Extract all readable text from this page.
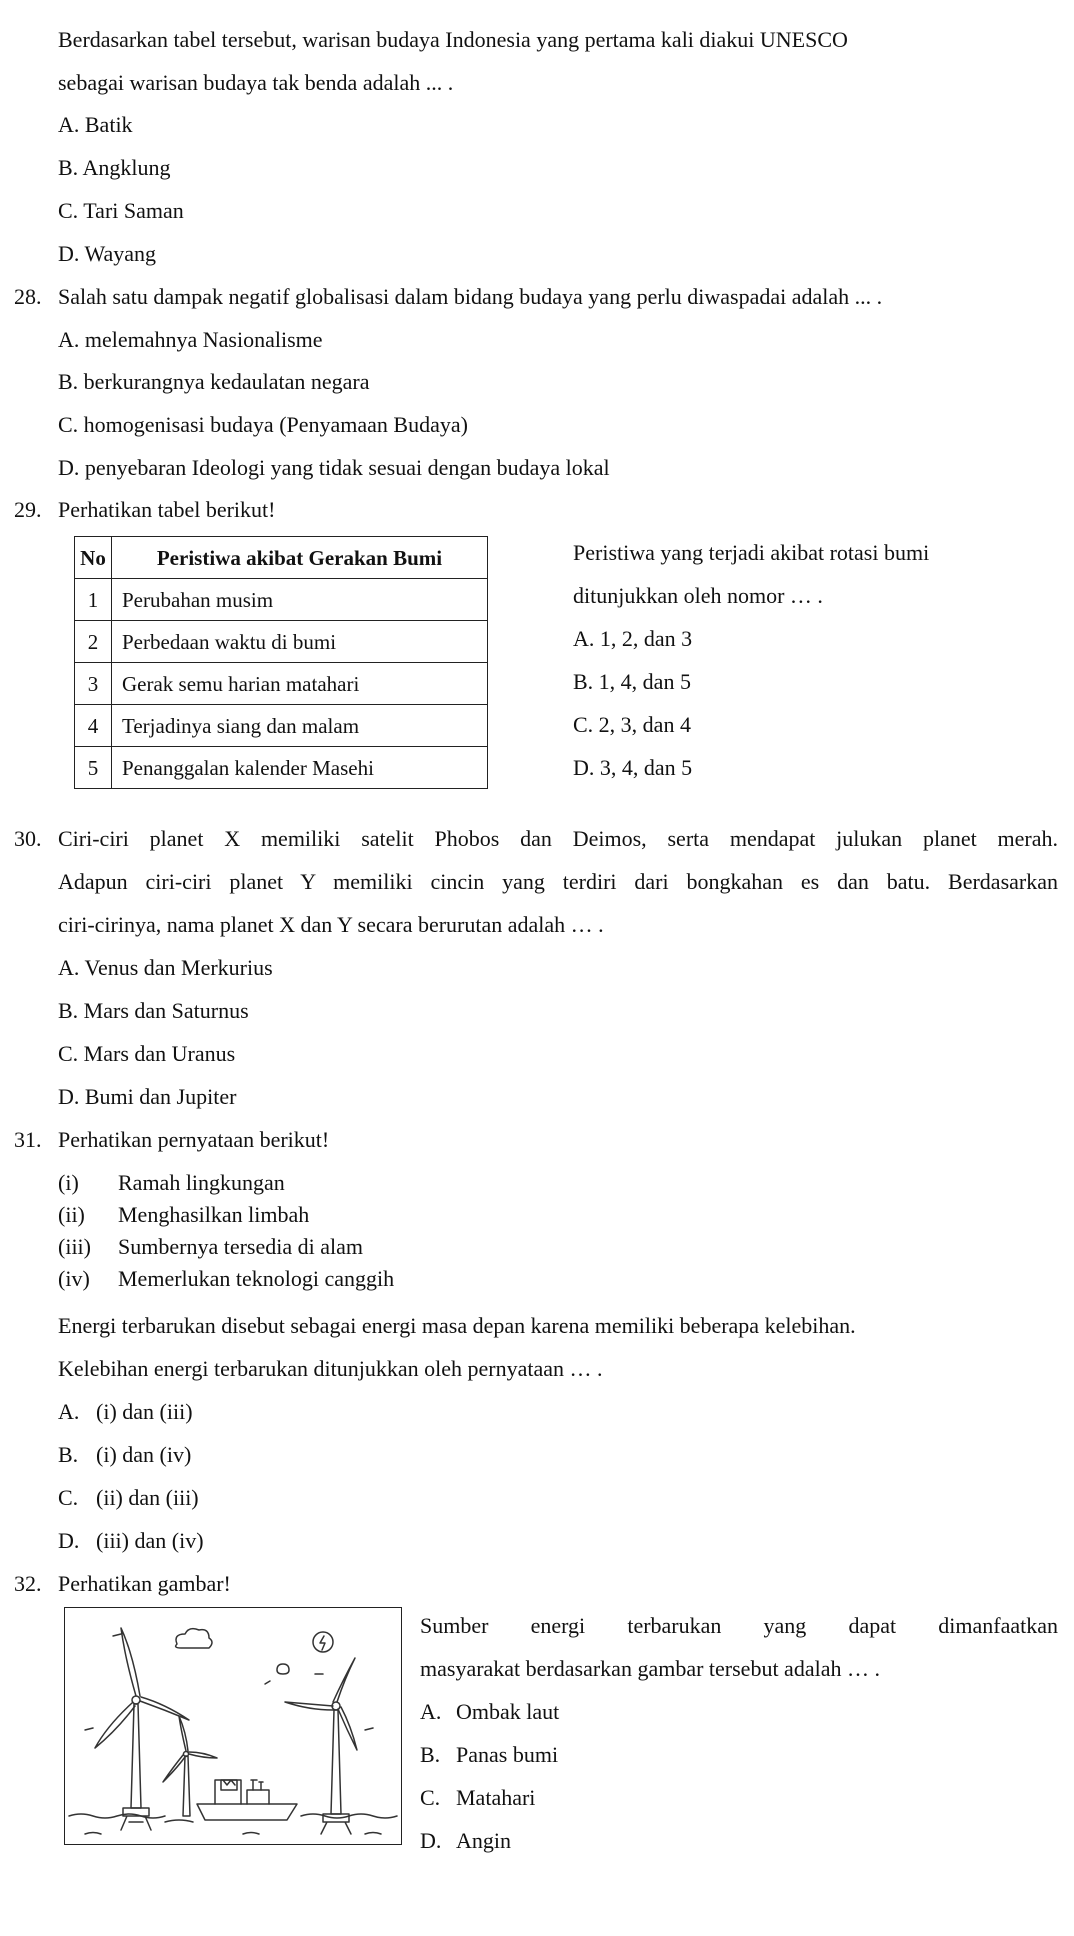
Berdasarkan tabel tersebut, warisan budaya Indonesia yang pertama kali diakui UNESCO
sebagai warisan budaya tak benda adalah ... .
A. Batik
B. Angklung
C. Tari Saman
D. Wayang
28. Salah satu dampak negatif globalisasi dalam bidang budaya yang perlu diwaspadai adalah ... .
A. melemahnya Nasionalisme
B. berkurangnya kedaulatan negara
C. homogenisasi budaya (Penyamaan Budaya)
D. penyebaran Ideologi yang tidak sesuai dengan budaya lokal
29. Perhatikan tabel berikut!
No	Peristiwa akibat Gerakan Bumi
1	Perubahan musim
2	Perbedaan waktu di bumi
3	Gerak semu harian matahari
4	Terjadinya siang dan malam
5	Penanggalan kalender Masehi
Peristiwa yang terjadi akibat rotasi bumi
ditunjukkan oleh nomor … .
A. 1, 2, dan 3
B. 1, 4, dan 5
C. 2, 3, dan 4
D. 3, 4, dan 5
30. Ciri-ciri planet X memiliki satelit Phobos dan Deimos, serta mendapat julukan planet merah.
Adapun ciri-ciri planet Y memiliki cincin yang terdiri dari bongkahan es dan batu. Berdasarkan
ciri-cirinya, nama planet X dan Y secara berurutan adalah … .
A. Venus dan Merkurius
B. Mars dan Saturnus
C. Mars dan Uranus
D. Bumi dan Jupiter
31. Perhatikan pernyataan berikut!
(i) Ramah lingkungan
(ii) Menghasilkan limbah
(iii) Sumbernya tersedia di alam
(iv) Memerlukan teknologi canggih
Energi terbarukan disebut sebagai energi masa depan karena memiliki beberapa kelebihan.
Kelebihan energi terbarukan ditunjukkan oleh pernyataan … .
A. (i) dan (iii)
B. (i) dan (iv)
C. (ii) dan (iii)
D. (iii) dan (iv)
32. Perhatikan gambar!
Sumber energi terbarukan yang dapat dimanfaatkan
masyarakat berdasarkan gambar tersebut adalah … .
A. Ombak laut
B. Panas bumi
C. Matahari
D. Angin
